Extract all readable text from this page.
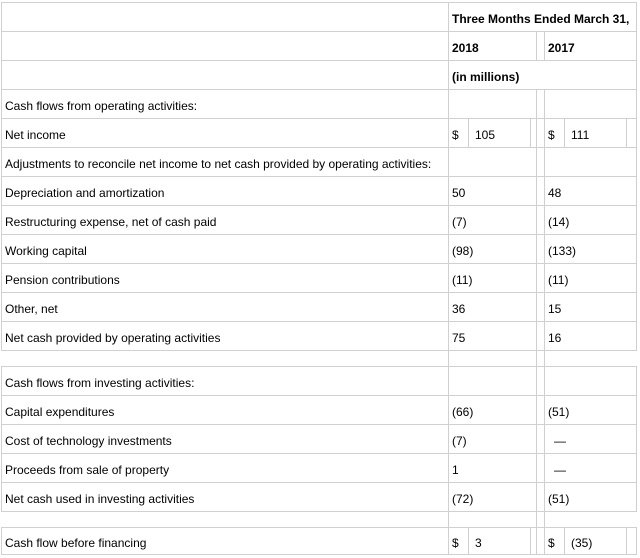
Three Months Ended March 31,
2018	2017
(in millions)
Cash flows from operating activities:
Net income	$ 105	$ 111
Adjustments to reconcile net income to net cash provided by operating activities:
Depreciation and amortization	50	48
Restructuring expense, net of cash paid	(7)	(14)
Working capital	(98)	(133)
Pension contributions	(11)	(11)
Other, net	36	15
Net cash provided by operating activities	75	16
Cash flows from investing activities:
Capital expenditures	(66)	(51)
Cost of technology investments	(7)	—
Proceeds from sale of property	1	—
Net cash used in investing activities	(72)	(51)
Cash flow before financing	$ 3	$ (35)
